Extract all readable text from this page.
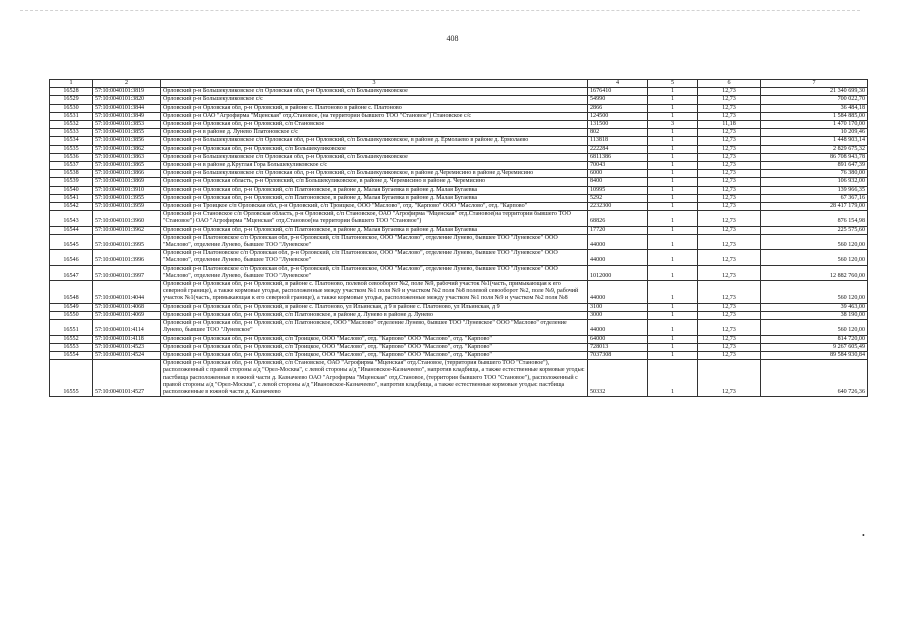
408
1	2	3	4	5	6	7
16528	57:10:0040101:3819	Орловский р-н Большекуликовское с/п Орловская обл, р-н Орловский, с/п Большекуликовское	1676410	1	12,73	21 340 699,30
16529	57:10:0040101:3820	Орловский р-н Большекуликовское с/с	54990	1	12,73	700 022,70
16530	57:10:0040101:3844	Орловский р-н Орловская обл, р-н Орловский, в районе с. Платоново в районе с. Платоново	2866	1	12,73	36 484,18
16531	57:10:0040101:3849	Орловский р-н ОАО "Агрофирма "Мценская" отд.Становое, (на территории бывшего ТОО "Становое") Становское с/с	124500	1	12,73	1 584 885,00
16532	57:10:0040101:3853	Орловский р-н Орловская обл, р-н Орловский, с/п Становское	131500	3	11,18	1 470 170,00
16533	57:10:0040101:3855	Орловский р-н в районе д. Лунево Платоновское с/с	802	1	12,73	10 209,46
16534	57:10:0040101:3856	Орловский р-н Большекуликовское с/п Орловская обл, р-н Орловский, с/п Большекуликовское, в районе д. Ермолаево в районе д. Ермолаево	113818	1	12,73	1 448 903,14
16535	57:10:0040101:3862	Орловский р-н Орловская обл, р-н Орловский, с/п Большекуликовское	222284	1	12,73	2 829 675,32
16536	57:10:0040101:3863	Орловский р-н Большекуликовское с/п Орловская обл, р-н Орловский, с/п Большекуликовское	6811386	1	12,73	86 708 943,78
16537	57:10:0040101:3865	Орловский р-н в районе д.Круглая Гора Большекуликовское с/с	70043	1	12,73	891 647,39
16538	57:10:0040101:3866	Орловский р-н Большекуликовское с/п Орловская обл, р-н Орловский, с/п Большекуликовское, в районе д.Черемисино в районе д.Черемисино	6000	1	12,73	76 380,00
16539	57:10:0040101:3869	Орловский р-н Орловская область, р-н Орловский, с/п Большекуликовское, в районе д. Черемисино в районе д. Черемисино	8400	1	12,73	106 932,00
16540	57:10:0040101:3910	Орловский р-н Орловская обл, р-н Орловский, с/п Платоновское, в районе д. Малая Бугаевка в районе д. Малая Бугаевка	10995	1	12,73	139 966,35
16541	57:10:0040101:3955	Орловский р-н Орловская обл, р-н Орловский, с/п Платоновское, в районе д. Малая Бугаевка в районе д. Малая Бугаевка	5292	1	12,73	67 367,16
16542	57:10:0040101:3959	Орловский р-н Троицкое с/п Орловская обл, р-н Орловский, с/п Троицкое, ООО "Маслово", отд. "Карпово" ООО "Маслово", отд. "Карпово"	2232300	1	12,73	28 417 179,00
16543	57:10:0040101:3960	Орловский р-н Становское с/п Орловская область, р-н Орловский, с/п Становское, ОАО "Агрофирма "Мценская" отд.Становое(на территории бывшего ТОО "Становое") ОАО "Агрофирма "Мценская" отд.Становое(на территории бывшего ТОО "Становое")	68826	1	12,73	876 154,98
16544	57:10:0040101:3962	Орловский р-н Орловская обл, р-н Орловский, с/п Платоновское, в районе д. Малая Бугаевка в районе д. Малая Бугаевка	17720	1	12,73	225 575,60
16545	57:10:0040101:3995	Орловский р-н Платоновское с/п Орловская обл, р-н Орловский, с/п Платоновское, ООО "Маслово", отделение Лунево, бывшее ТОО "Луневское" ООО "Маслово", отделение Лунево, бывшее ТОО "Луневское"	44000	1	12,73	560 120,00
16546	57:10:0040101:3996	Орловский р-н Платоновское с/п Орловская обл, р-н Орловский, с/п Платоновское, ООО "Маслово", отделение Лунево, бывшее ТОО "Луневское" ООО "Маслово", отделение Лунево, бывшее ТОО "Луневское"	44000	1	12,73	560 120,00
16547	57:10:0040101:3997	Орловский р-н Платоновское с/п Орловская обл, р-н Орловский, с/п Платоновское, ООО "Маслово", отделение Лунево, бывшее ТОО "Луневское" ООО "Маслово", отделение Лунево, бывшее ТОО "Луневское"	1012000	1	12,73	12 882 760,00
16548	57:10:0040101:4044	Орловский р-н Орловская обл, р-н Орловский, в районе с. Платоново, полевой севооборот №2, поле №9, рабочий участок №1(часть, примыкающая к его северной границе), а также кормовые угодья, расположенные между участком №1 поля №9 и участком №2 поля №8 полевой севооборот №2, поле №9, рабочий участок №1(часть, примыкающая к его северной границе), а также кормовые угодья, расположенные между участком №1 поля №9 и участком №2 поля №8	44000	1	12,73	560 120,00
16549	57:10:0040101:4068	Орловский р-н Орловская обл, р-н Орловский, в районе с. Платоново, ул Ильинская, д 9 в районе с. Платоново, ул Ильинская, д 9	3100	1	12,73	39 463,00
16550	57:10:0040101:4069	Орловский р-н Орловская обл, р-н Орловский, с/п Платоновское, в районе д. Лунево в районе д. Лунево	3000	1	12,73	38 190,00
16551	57:10:0040101:4114	Орловский р-н Орловская обл, р-н Орловский, с/п Платоновское, ООО "Маслово" отделение Лунево, бывшее ТОО "Луневское" ООО "Маслово" отделение Лунево, бывшее ТОО "Луневское"	44000	1	12,73	560 120,00
16552	57:10:0040101:4118	Орловский р-н Орловская обл, р-н Орловский, с/п Троицкое, ООО "Маслово", отд. "Карпово" ООО "Маслово", отд. "Карпово"	64000	1	12,73	814 720,00
16553	57:10:0040101:4523	Орловский р-н Орловская обл, р-н Орловский, с/п Троицкое, ООО "Маслово", отд. "Карпово" ООО "Маслово", отд. "Карпово"	728013	1	12,73	9 267 605,49
16554	57:10:0040101:4524	Орловский р-н Орловская обл, р-н Орловский, с/п Троицкое, ООО "Маслово", отд. "Карпово" ООО "Маслово", отд. "Карпово"	7037308	1	12,73	89 584 930,84
16555	57:10:0040101:4527	Орловский р-н Орловская обл, р-н Орловский, с/п Становское, ОАО "Агрофирма "Мценская" отд.Становое, (территория бывшего ТОО "Становое"), расположенный с правой стороны а/д "Орел-Москва", с левой стороны а/д "Ивановское-Казначеево", напротив кладбища, а также естественные кормовые угодья: пастбища расположенные в южной части д. Казначеево ОАО "Агрофирма "Мценская" отд.Становое, (территория бывшего ТОО "Становое"), расположенный с правой стороны а/д "Орел-Москва", с левой стороны а/д "Ивановское-Казначеево", напротив кладбища, а также естественные кормовые угодья: пастбища расположенные в южной части д. Казначеево	50332	1	12,73	640 726,36
•
